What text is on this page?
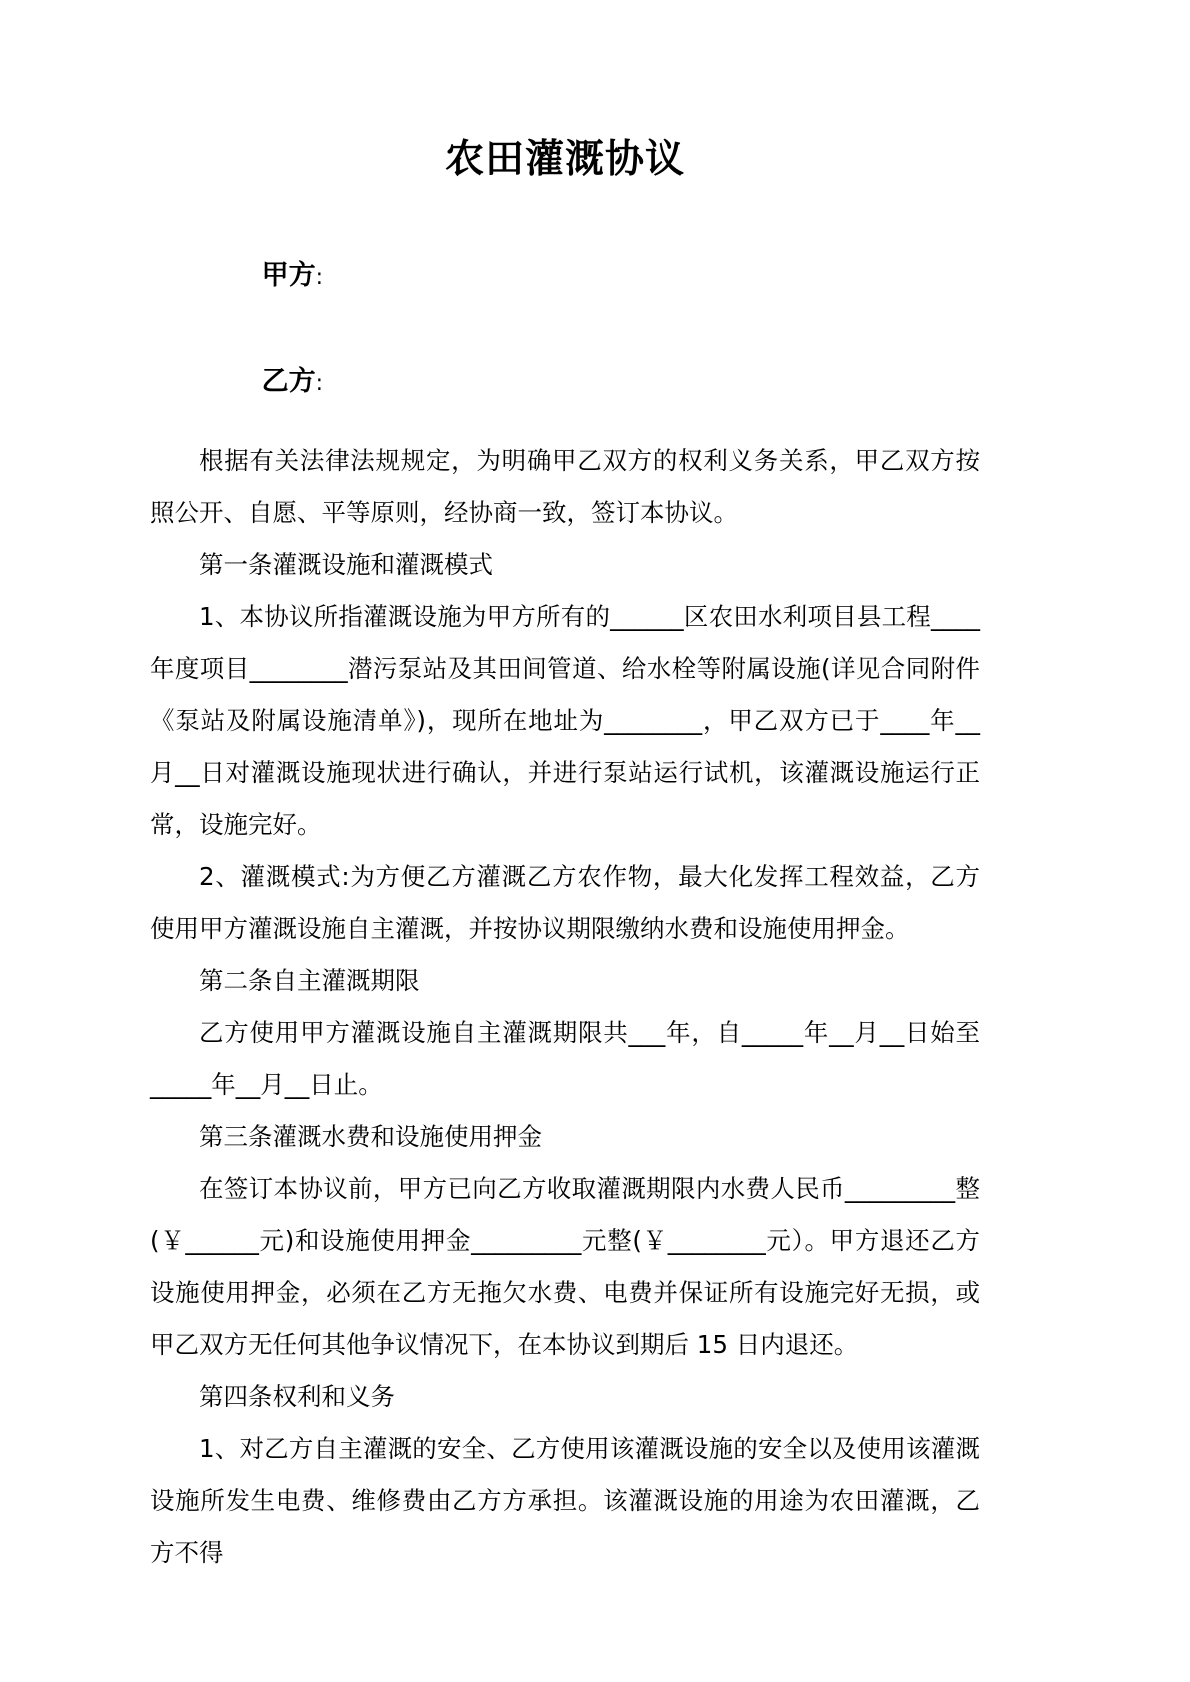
农田灌溉协议

甲方:

乙方:

根据有关法律法规规定，为明确甲乙双方的权利义务关系，甲乙双方按照公开、自愿、平等原则，经协商一致，签订本协议。

第一条灌溉设施和灌溉模式

1、本协议所指灌溉设施为甲方所有的______区农田水利项目县工程____年度项目________潜污泵站及其田间管道、给水栓等附属设施(详见合同附件《泵站及附属设施清单》)，现所在地址为________，甲乙双方已于____年__月__日对灌溉设施现状进行确认，并进行泵站运行试机，该灌溉设施运行正常，设施完好。

2、灌溉模式:为方便乙方灌溉乙方农作物，最大化发挥工程效益，乙方使用甲方灌溉设施自主灌溉，并按协议期限缴纳水费和设施使用押金。

第二条自主灌溉期限

乙方使用甲方灌溉设施自主灌溉期限共___年，自_____年__月__日始至_____年__月__日止。

第三条灌溉水费和设施使用押金

在签订本协议前，甲方已向乙方收取灌溉期限内水费人民币_________整(￥______元)和设施使用押金_________元整(￥________元）。甲方退还乙方设施使用押金，必须在乙方无拖欠水费、电费并保证所有设施完好无损，或甲乙双方无任何其他争议情况下，在本协议到期后 15 日内退还。

第四条权利和义务

1、对乙方自主灌溉的安全、乙方使用该灌溉设施的安全以及使用该灌溉设施所发生电费、维修费由乙方方承担。该灌溉设施的用途为农田灌溉，乙方不得
